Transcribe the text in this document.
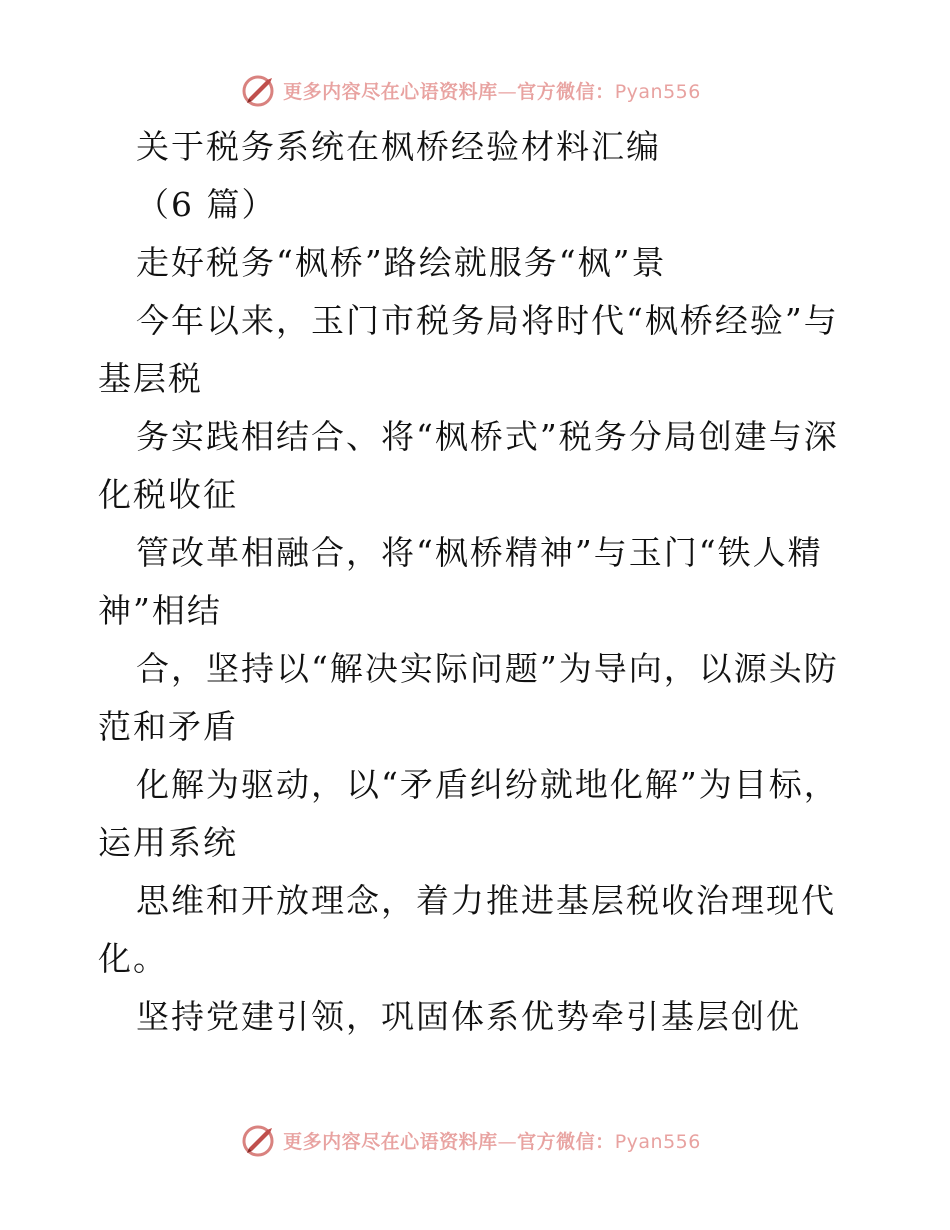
更多内容尽在心语资料库—官方微信：Pyan556
关于税务系统在枫桥经验材料汇编
（6 篇）
走好税务“枫桥”路绘就服务“枫”景
今年以来，玉门市税务局将时代“枫桥经验”与
基层税
务实践相结合、将“枫桥式”税务分局创建与深
化税收征
管改革相融合，将“枫桥精神”与玉门“铁人精
神”相结
合，坚持以“解决实际问题”为导向，以源头防
范和矛盾
化解为驱动，以“矛盾纠纷就地化解”为目标，
运用系统
思维和开放理念，着力推进基层税收治理现代
化。
坚持党建引领，巩固体系优势牵引基层创优
更多内容尽在心语资料库—官方微信：Pyan556
